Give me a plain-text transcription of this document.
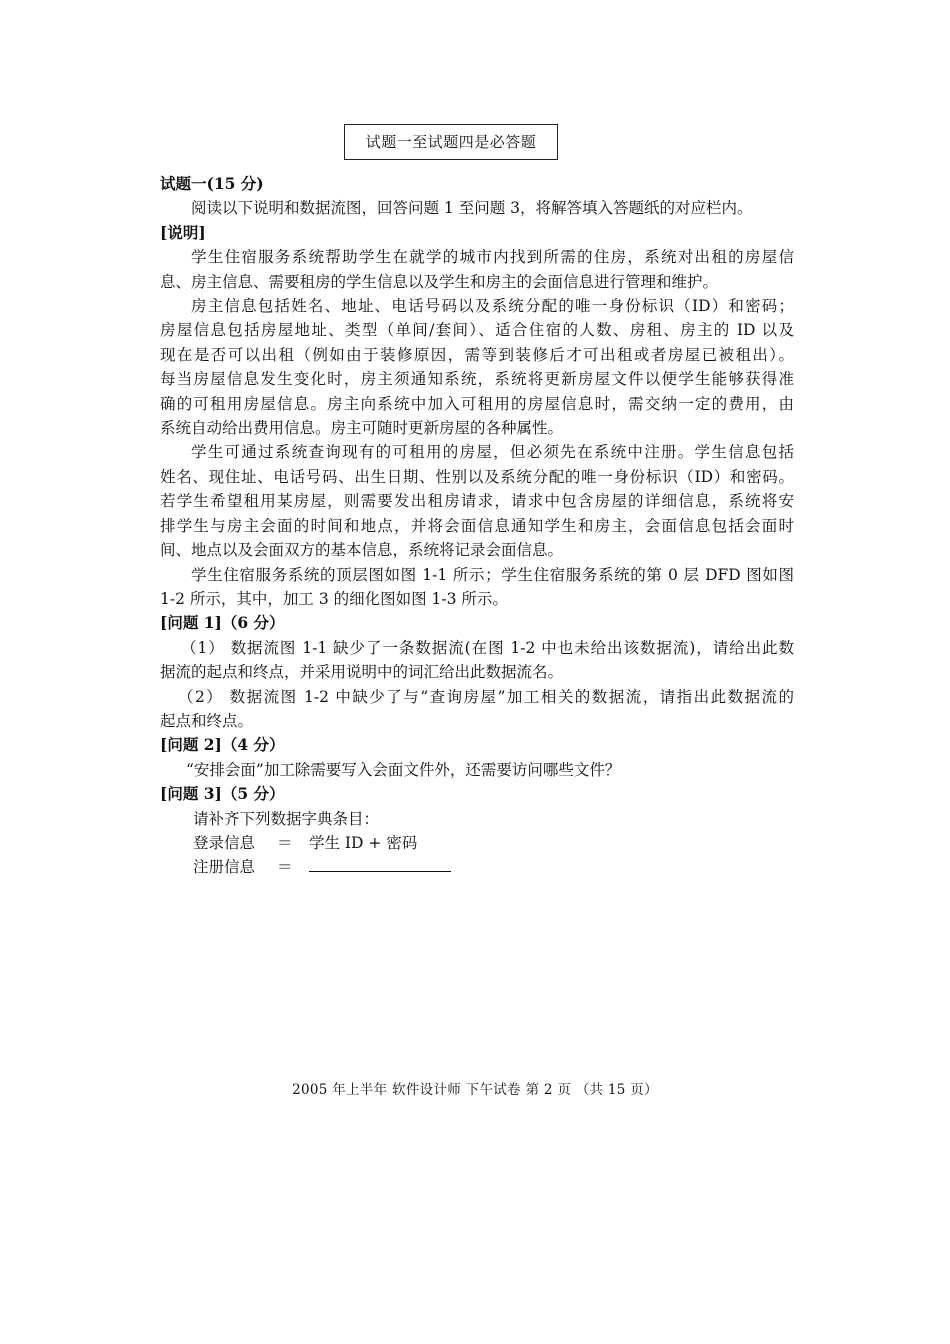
试题一至试题四是必答题
试题一(15 分)
阅读以下说明和数据流图，回答问题 1 至问题 3，将解答填入答题纸的对应栏内。
[说明]
学生住宿服务系统帮助学生在就学的城市内找到所需的住房，系统对出租的房屋信
息、房主信息、需要租房的学生信息以及学生和房主的会面信息进行管理和维护。
房主信息包括姓名、地址、电话号码以及系统分配的唯一身份标识（ID）和密码；
房屋信息包括房屋地址、类型（单间/套间）、适合住宿的人数、房租、房主的 ID 以及
现在是否可以出租（例如由于装修原因，需等到装修后才可出租或者房屋已被租出）。
每当房屋信息发生变化时，房主须通知系统，系统将更新房屋文件以便学生能够获得准
确的可租用房屋信息。房主向系统中加入可租用的房屋信息时，需交纳一定的费用，由
系统自动给出费用信息。房主可随时更新房屋的各种属性。
学生可通过系统查询现有的可租用的房屋，但必须先在系统中注册。学生信息包括
姓名、现住址、电话号码、出生日期、性别以及系统分配的唯一身份标识（ID）和密码。
若学生希望租用某房屋，则需要发出租房请求，请求中包含房屋的详细信息，系统将安
排学生与房主会面的时间和地点，并将会面信息通知学生和房主，会面信息包括会面时
间、地点以及会面双方的基本信息，系统将记录会面信息。
学生住宿服务系统的顶层图如图 1-1 所示；学生住宿服务系统的第 0 层 DFD 图如图
1-2 所示，其中，加工 3 的细化图如图 1-3 所示。
[问题 1]（6 分）
（1） 数据流图 1-1 缺少了一条数据流(在图 1-2 中也未给出该数据流)，请给出此数
据流的起点和终点，并采用说明中的词汇给出此数据流名。
（2） 数据流图 1-2 中缺少了与“查询房屋”加工相关的数据流，请指出此数据流的
起点和终点。
[问题 2]（4 分）
“安排会面”加工除需要写入会面文件外，还需要访问哪些文件？
[问题 3]（5 分）
请补齐下列数据字典条目：
登录信息	＝	学生 ID + 密码
注册信息	＝
2005 年上半年 软件设计师 下午试卷 第 2 页 （共 15 页）
